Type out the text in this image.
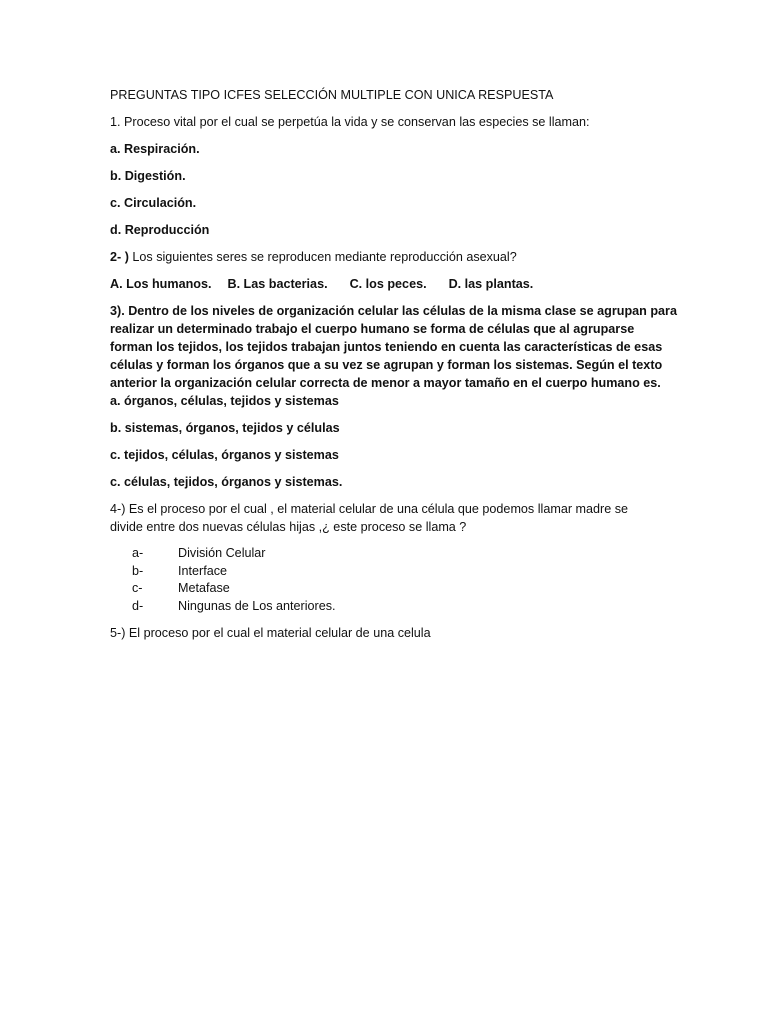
PREGUNTAS TIPO ICFES SELECCIÓN MULTIPLE CON UNICA RESPUESTA

1. Proceso vital por el cual se perpetúa la vida y se conservan las especies se llaman:

a. Respiración.

b. Digestión.

c. Circulación.

d. Reproducción

2- ) Los siguientes seres se reproducen mediante reproducción asexual?

A. Los humanos. B. Las bacterias. C. los peces. D. las plantas.

3). Dentro de los niveles de organización celular las células de la misma clase se agrupan para

realizar un determinado trabajo el cuerpo humano se forma de células que al agruparse

forman los tejidos, los tejidos trabajan juntos teniendo en cuenta las características de esas

células y forman los órganos que a su vez se agrupan y forman los sistemas. Según el texto

anterior la organización celular correcta de menor a mayor tamaño en el cuerpo humano es.

a. órganos, células, tejidos y sistemas

b. sistemas, órganos, tejidos y células

c. tejidos, células, órganos y sistemas

c. células, tejidos, órganos y sistemas.

4-) Es el proceso por el cual , el material celular de una célula que podemos llamar madre se

divide entre dos nuevas células hijas ,¿ este proceso se llama ?

a-	División Celular
b-	Interface
c-	Metafase
d-	Ningunas de Los anteriores.

5-) El proceso por el cual el material celular de una celula
